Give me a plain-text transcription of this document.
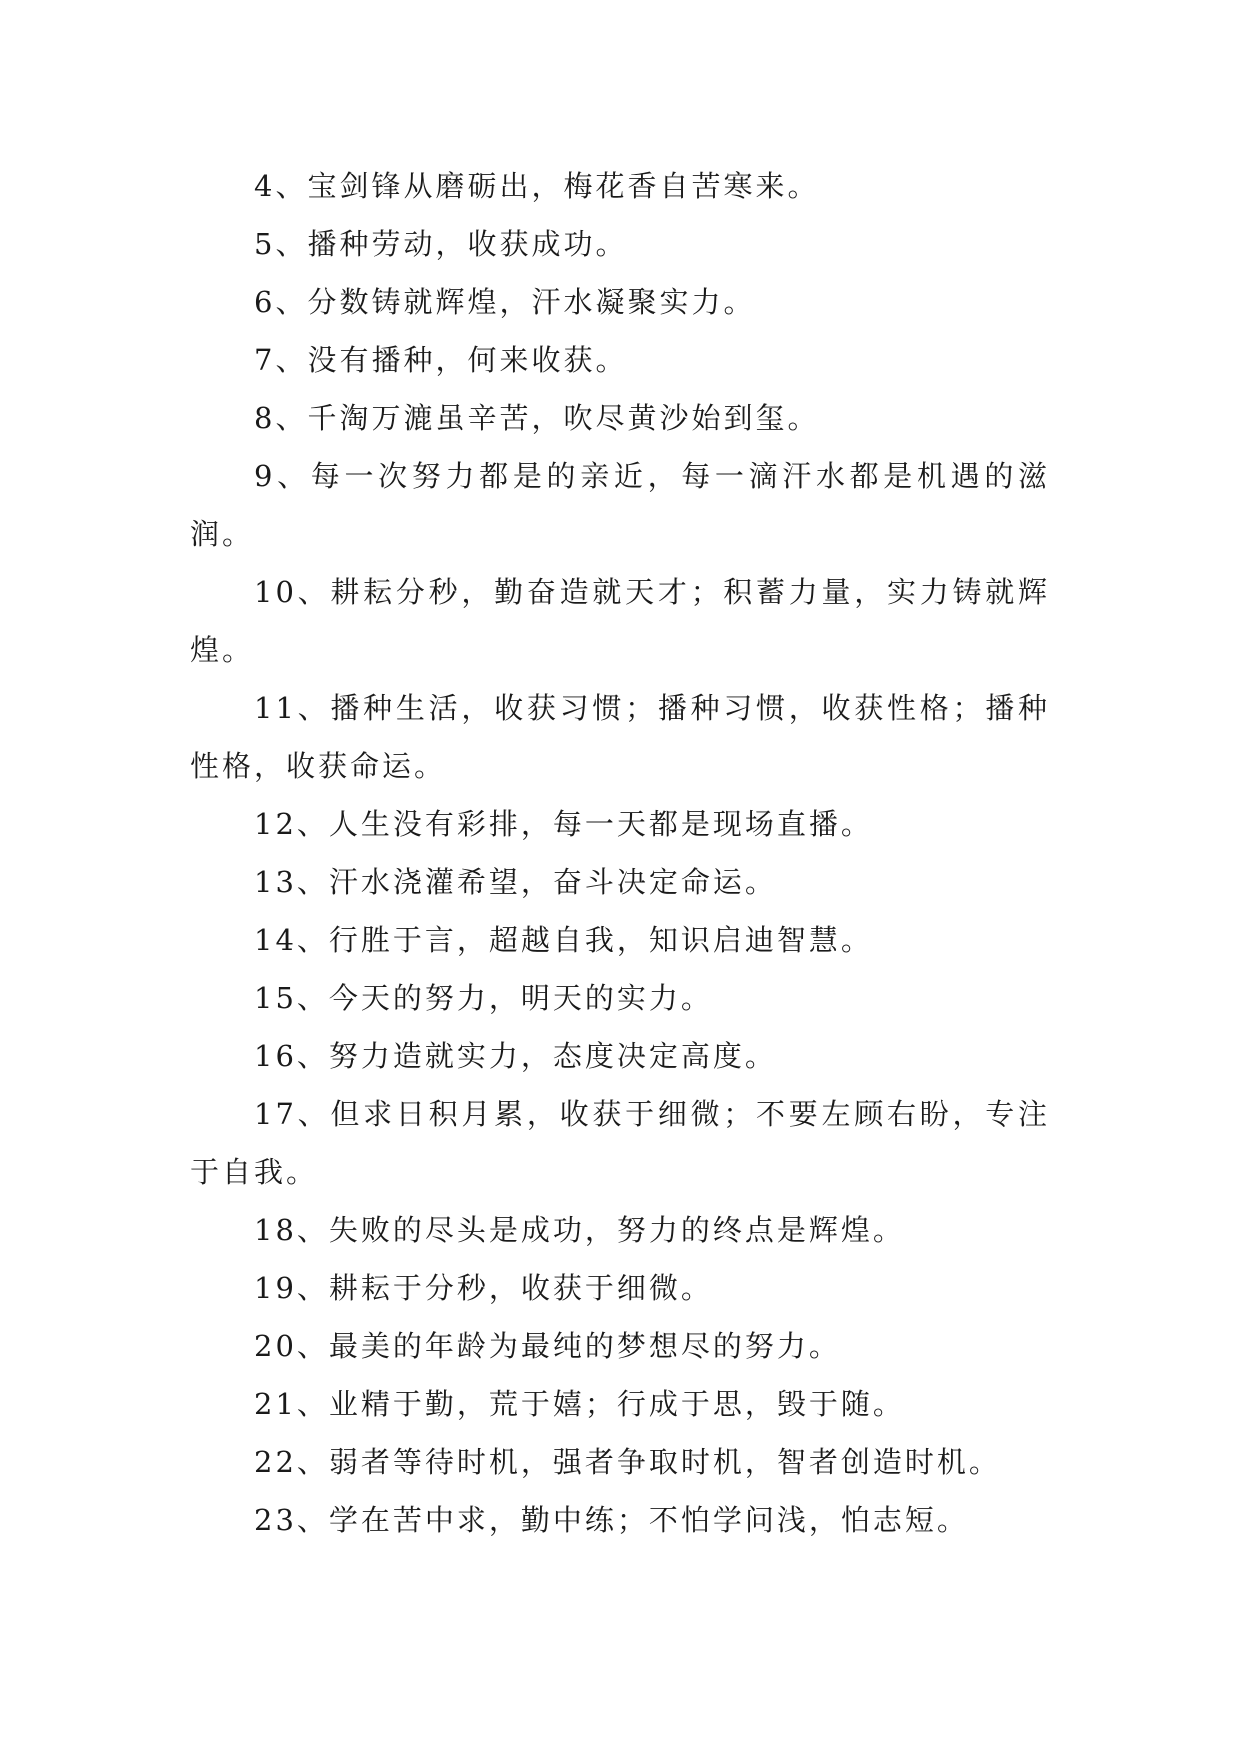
4、宝剑锋从磨砺出，梅花香自苦寒来。

5、播种劳动，收获成功。

6、分数铸就辉煌，汗水凝聚实力。

7、没有播种，何来收获。

8、千淘万漉虽辛苦，吹尽黄沙始到玺。

9、每一次努力都是的亲近，每一滴汗水都是机遇的滋润。

10、耕耘分秒，勤奋造就天才；积蓄力量，实力铸就辉煌。

11、播种生活，收获习惯；播种习惯，收获性格；播种性格，收获命运。

12、人生没有彩排，每一天都是现场直播。

13、汗水浇灌希望，奋斗决定命运。

14、行胜于言，超越自我，知识启迪智慧。

15、今天的努力，明天的实力。

16、努力造就实力，态度决定高度。

17、但求日积月累，收获于细微；不要左顾右盼，专注于自我。

18、失败的尽头是成功，努力的终点是辉煌。

19、耕耘于分秒，收获于细微。

20、最美的年龄为最纯的梦想尽的努力。

21、业精于勤，荒于嬉；行成于思，毁于随。

22、弱者等待时机，强者争取时机，智者创造时机。

23、学在苦中求，勤中练；不怕学问浅，怕志短。
